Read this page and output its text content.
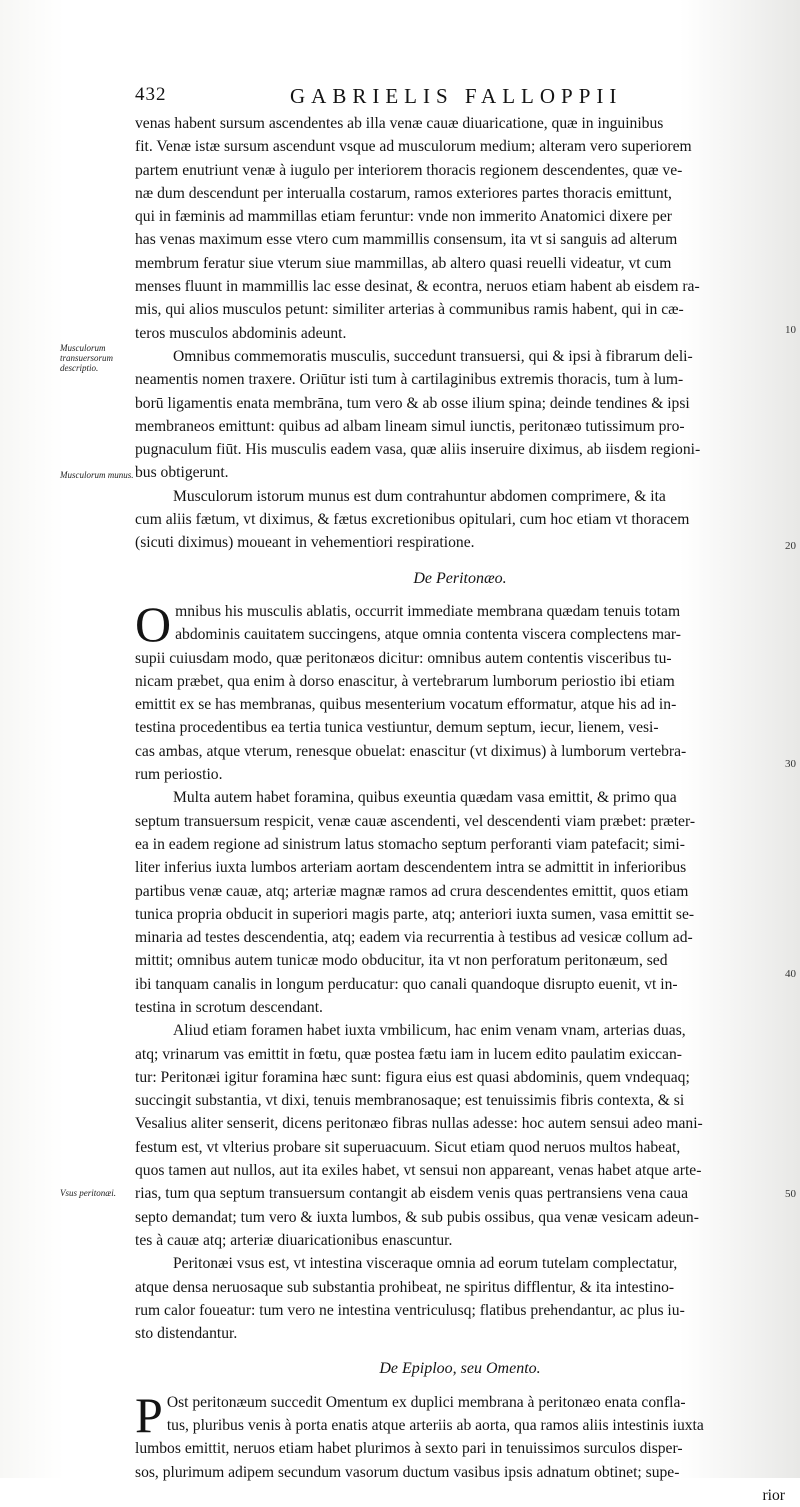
432	GABRIELIS FALLOPPII
Musculorum transuersorum descriptio.
Musculorum munus.
Vsus peritonæi.
10
20
30
40
50
venas habent sursum ascendentes ab illa venæ cauæ diuaricatione, quæ in inguinibus
fit. Venæ istæ sursum ascendunt vsque ad musculorum medium; alteram vero superiorem
partem enutriunt venæ à iugulo per interiorem thoracis regionem descendentes, quæ ve-
næ dum descendunt per interualla costarum, ramos exteriores partes thoracis emittunt,
qui in fæminis ad mammillas etiam feruntur: vnde non immerito Anatomici dixere per
has venas maximum esse vtero cum mammillis consensum, ita vt si sanguis ad alterum
membrum feratur siue vterum siue mammillas, ab altero quasi reuelli videatur, vt cum
menses fluunt in mammillis lac esse desinat, & econtra, neruos etiam habent ab eisdem ra-
mis, qui alios musculos petunt: similiter arterias à communibus ramis habent, qui in cæ-
teros musculos abdominis adeunt.
Omnibus commemoratis musculis, succedunt transuersi, qui & ipsi à fibrarum deli-
neamentis nomen traxere. Oriūtur isti tum à cartilaginibus extremis thoracis, tum à lum-
borū ligamentis enata membrāna, tum vero & ab osse ilium spina; deinde tendines & ipsi
membraneos emittunt: quibus ad albam lineam simul iunctis, peritonæo tutissimum pro-
pugnaculum fiūt. His musculis eadem vasa, quæ aliis inseruire diximus, ab iisdem regioni-
bus obtigerunt.
Musculorum istorum munus est dum contrahuntur abdomen comprimere, & ita
cum aliis fætum, vt diximus, & fætus excretionibus opitulari, cum hoc etiam vt thoracem
(sicuti diximus) moueant in vehementiori respiratione.
De Peritonæo.
O mnibus his musculis ablatis, occurrit immediate membrana quædam tenuis totam
abdominis cauitatem succingens, atque omnia contenta viscera complectens mar-
supii cuiusdam modo, quæ peritonæos dicitur: omnibus autem contentis visceribus tu-
nicam præbet, qua enim à dorso enascitur, à vertebrarum lumborum periostio ibi etiam
emittit ex se has membranas, quibus mesenterium vocatum efformatur, atque his ad in-
testina procedentibus ea tertia tunica vestiuntur, demum septum, iecur, lienem, vesi-
cas ambas, atque vterum, renesque obuelat: enascitur (vt diximus) à lumborum vertebra-
rum periostio.
Multa autem habet foramina, quibus exeuntia quædam vasa emittit, & primo qua
septum transuersum respicit, venæ cauæ ascendenti, vel descendenti viam præbet: præter-
ea in eadem regione ad sinistrum latus stomacho septum perforanti viam patefacit; simi-
liter inferius iuxta lumbos arteriam aortam descendentem intra se admittit in inferioribus
partibus venæ cauæ, atq; arteriæ magnæ ramos ad crura descendentes emittit, quos etiam
tunica propria obducit in superiori magis parte, atq; anteriori iuxta sumen, vasa emittit se-
minaria ad testes descendentia, atq; eadem via recurrentia à testibus ad vesicæ collum ad-
mittit; omnibus autem tunicæ modo obducitur, ita vt non perforatum peritonæum, sed
ibi tanquam canalis in longum perducatur: quo canali quandoque disrupto euenit, vt in-
testina in scrotum descendant.
Aliud etiam foramen habet iuxta vmbilicum, hac enim venam vnam, arterias duas,
atq; vrinarum vas emittit in fœtu, quæ postea fætu iam in lucem edito paulatim exiccan-
tur: Peritonæi igitur foramina hæc sunt: figura eius est quasi abdominis, quem vndequaq;
succingit substantia, vt dixi, tenuis membranosaque; est tenuissimis fibris contexta, & si
Vesalius aliter senserit, dicens peritonæo fibras nullas adesse: hoc autem sensui adeo mani-
festum est, vt vlterius probare sit superuacuum. Sicut etiam quod neruos multos habeat,
quos tamen aut nullos, aut ita exiles habet, vt sensui non appareant, venas habet atque arte-
rias, tum qua septum transuersum contangit ab eisdem venis quas pertransiens vena caua
septo demandat; tum vero & iuxta lumbos, & sub pubis ossibus, qua venæ vesicam adeun-
tes à cauæ atq; arteriæ diuaricationibus enascuntur.
Peritonæi vsus est, vt intestina visceraque omnia ad eorum tutelam complectatur,
atque densa neruosaque sub substantia prohibeat, ne spiritus difflentur, & ita intestino-
rum calor foueatur: tum vero ne intestina ventriculusq; flatibus prehendantur, ac plus iu-
sto distendantur.
De Epiploo, seu Omento.
P Ost peritonæum succedit Omentum ex duplici membrana à peritonæo enata confla-
tus, pluribus venis à porta enatis atque arteriis ab aorta, qua ramos aliis intestinis iuxta
lumbos emittit, neruos etiam habet plurimos à sexto pari in tenuissimos surculos disper-
sos, plurimum adipem secundum vasorum ductum vasibus ipsis adnatum obtinet; supe-
rior
